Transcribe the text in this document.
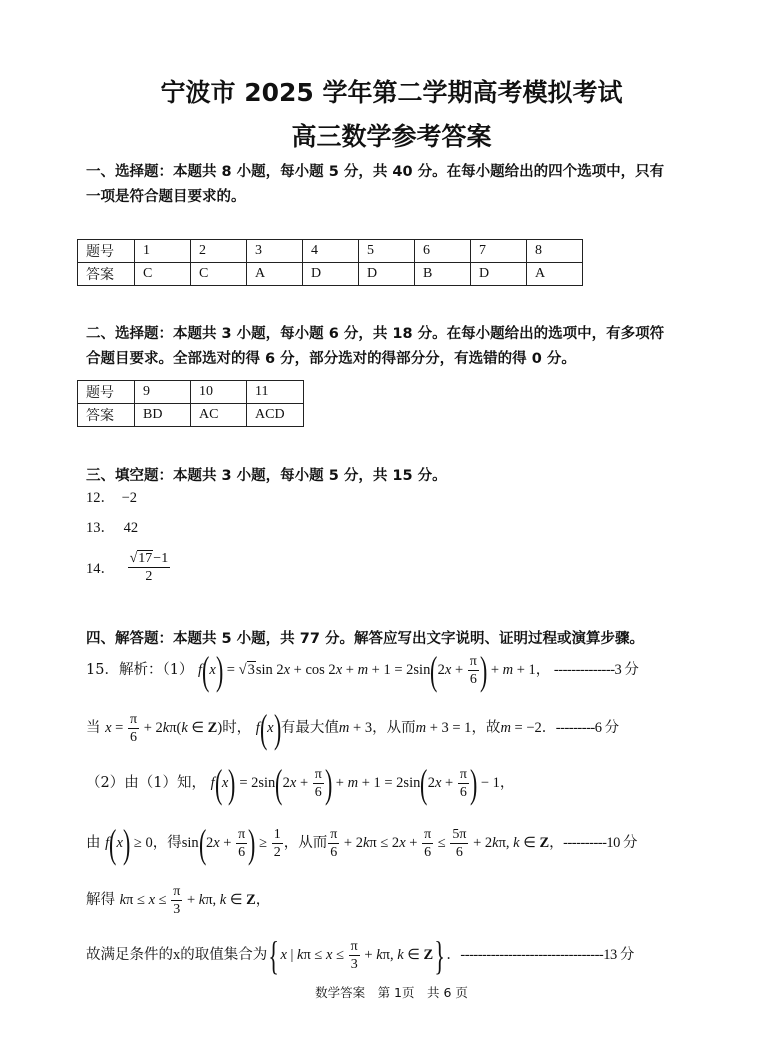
宁波市 2025 学年第二学期高考模拟考试
高三数学参考答案
一、选择题：本题共 8 小题，每小题 5 分，共 40 分。在每小题给出的四个选项中，只有
一项是符合题目要求的。
题号	1	2	3	4	5	6	7	8
答案	C	C	A	D	D	B	D	A
二、选择题：本题共 3 小题，每小题 6 分，共 18 分。在每小题给出的选项中，有多项符
合题目要求。全部选对的得 6 分，部分选对的得部分分，有选错的得 0 分。
题号	9	10	11
答案	BD	AC	ACD
三、填空题：本题共 3 小题，每小题 5 分，共 15 分。
12． −2
13． 42
14． $\frac{√17-1}{2}$
四、解答题：本题共 5 小题，共 77 分。解答应写出文字说明、证明过程或演算步骤。
15．解析：（1） f(x) = √3sin $2x + \cos 2x + m + 1 = 2\sin(2x + \frac{\pi}{6}$ ) + m + 1， --------------3 分
当 $x = \frac{\pi}{6} + 2k\pi(k$ ∈ Z)时， f(x)有最大值m + 3，从而m + 3 = 1，故m = −2．---------6 分
（2）由（1）知， $f(x) = 2\sin(2x + \frac{\pi}{6}$ ) + $m + 1 = 2\sin(2x + \frac{\pi}{6}$ ) − 1，
由 f(x) ≥ 0，得$\sin(2x + \frac{\pi}{6}$ ) ≥ $\frac{1}{2}$ ，从而 $\frac{\pi}{6} + 2k\pi \le 2x + \frac{\pi}{6} \le \frac{5\pi}{6} + 2k\pi$, k ∈ Z，----------10 分
解得 $k\pi \le x \le \frac{\pi}{3} + k\pi$, k ∈ Z，
故满足条件的x的取值集合为{x | $k\pi \le x \le \frac{\pi}{3} + k\pi$, k ∈ Z}．---------------------------------13 分
数学答案　第 1页　共 6 页
